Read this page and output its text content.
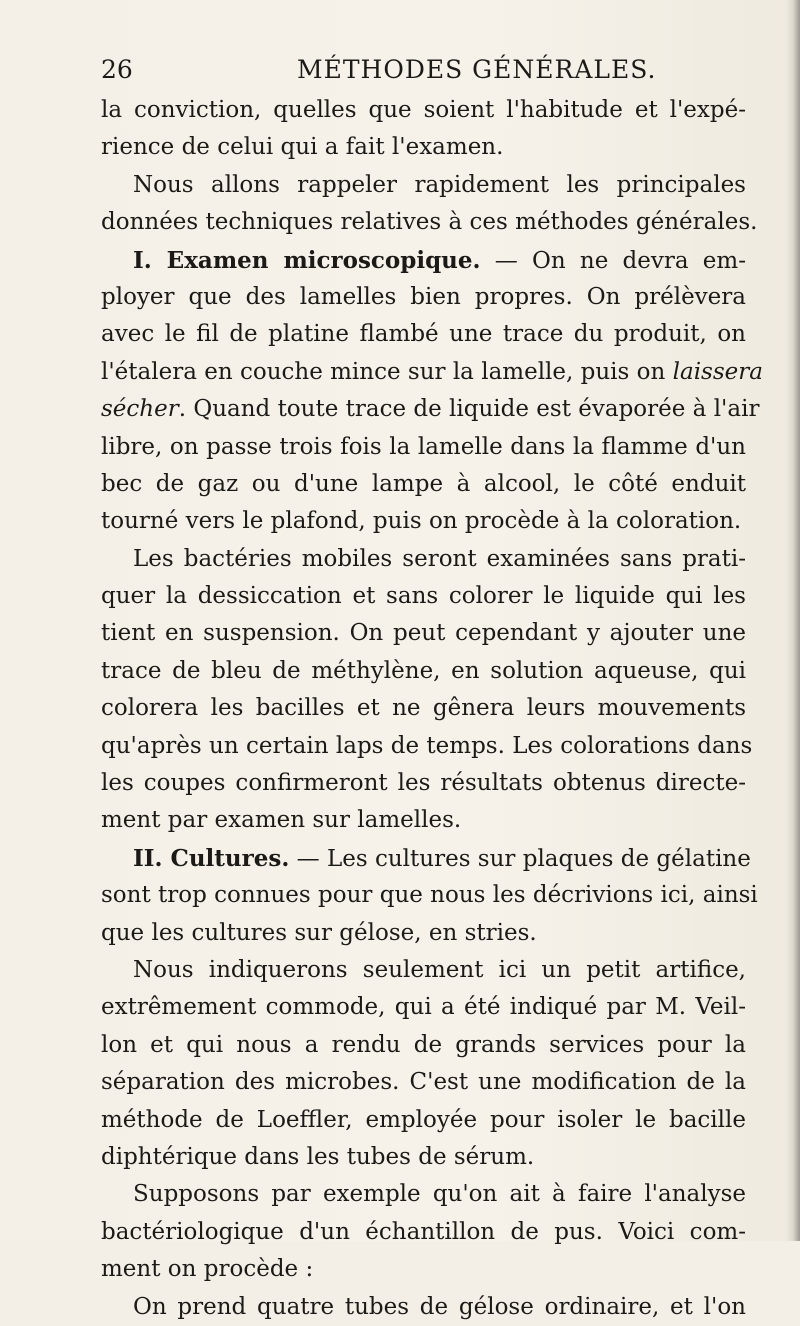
26	MÉTHODES GÉNÉRALES.
la conviction, quelles que soient l'habitude et l'expé-
rience de celui qui a fait l'examen.
Nous allons rappeler rapidement les principales
données techniques relatives à ces méthodes générales.
I. Examen microscopique. — On ne devra em-
ployer que des lamelles bien propres. On prélèvera
avec le fil de platine flambé une trace du produit, on
l'étalera en couche mince sur la lamelle, puis on laissera
sécher. Quand toute trace de liquide est évaporée à l'air
libre, on passe trois fois la lamelle dans la flamme d'un
bec de gaz ou d'une lampe à alcool, le côté enduit
tourné vers le plafond, puis on procède à la coloration.
Les bactéries mobiles seront examinées sans prati-
quer la dessiccation et sans colorer le liquide qui les
tient en suspension. On peut cependant y ajouter une
trace de bleu de méthylène, en solution aqueuse, qui
colorera les bacilles et ne gênera leurs mouvements
qu'après un certain laps de temps. Les colorations dans
les coupes confirmeront les résultats obtenus directe-
ment par examen sur lamelles.
II. Cultures. — Les cultures sur plaques de gélatine
sont trop connues pour que nous les décrivions ici, ainsi
que les cultures sur gélose, en stries.
Nous indiquerons seulement ici un petit artifice,
extrêmement commode, qui a été indiqué par M. Veil-
lon et qui nous a rendu de grands services pour la
séparation des microbes. C'est une modification de la
méthode de Loeffler, employée pour isoler le bacille
diphtérique dans les tubes de sérum.
Supposons par exemple qu'on ait à faire l'analyse
bactériologique d'un échantillon de pus. Voici com-
ment on procède :
On prend quatre tubes de gélose ordinaire, et l'on
